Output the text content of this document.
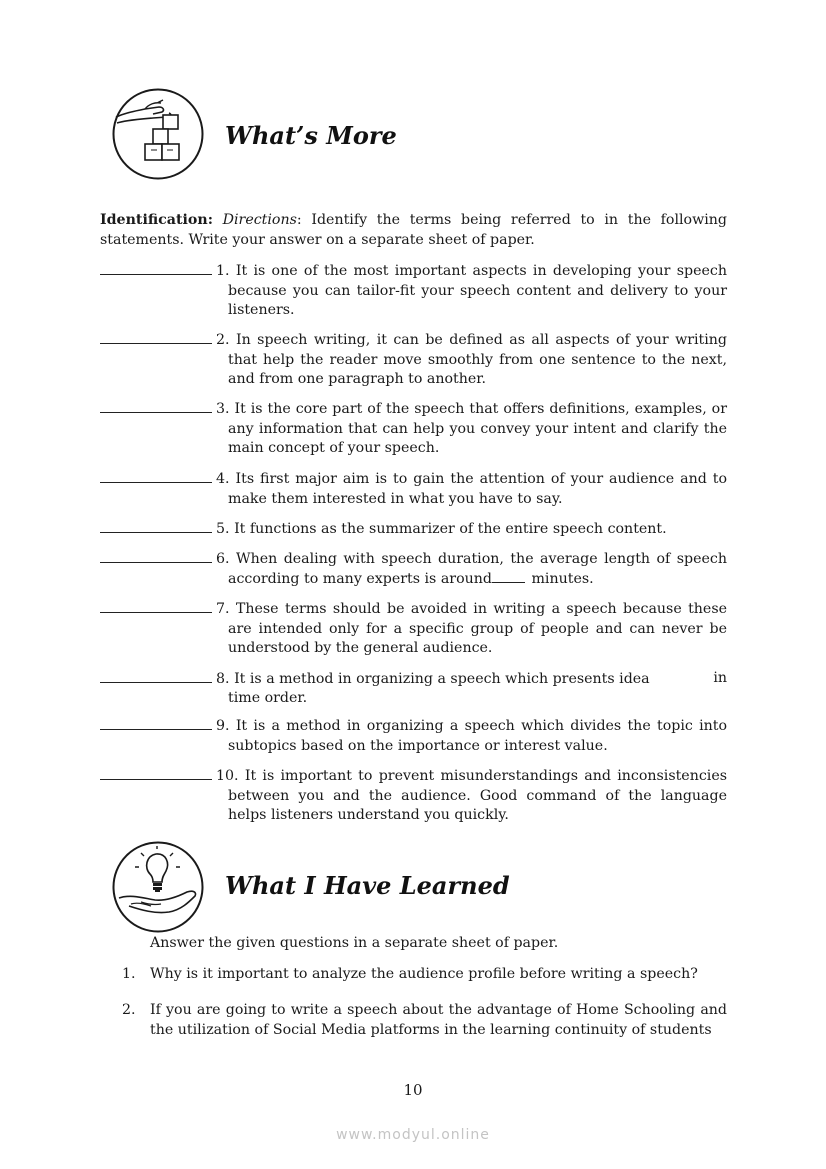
What’s More

Identification: Directions: Identify the terms being referred to in the following statements. Write your answer on a separate sheet of paper.

1. It is one of the most important aspects in developing your speech because you can tailor-fit your speech content and delivery to your listeners.
2. In speech writing, it can be defined as all aspects of your writing that help the reader move smoothly from one sentence to the next, and from one paragraph to another.
3. It is the core part of the speech that offers definitions, examples, or any information that can help you convey your intent and clarify the main concept of your speech.
4. Its first major aim is to gain the attention of your audience and to make them interested in what you have to say.
5. It functions as the summarizer of the entire speech content.
6. When dealing with speech duration, the average length of speech according to many experts is around minutes.
7. These terms should be avoided in writing a speech because these are intended only for a specific group of people and can never be understood by the general audience.
8. It is a method in organizing a speech which presents idea	in
time order.
9. It is a method in organizing a speech which divides the topic into subtopics based on the importance or interest value.
10. It is important to prevent misunderstandings and inconsistencies between you and the audience. Good command of the language helps listeners understand you quickly.
What I Have Learned
Answer the given questions in a separate sheet of paper.
1. Why is it important to analyze the audience profile before writing a speech?
2. If you are going to write a speech about the advantage of Home Schooling and the utilization of Social Media platforms in the learning continuity of students
10
www.modyul.online
